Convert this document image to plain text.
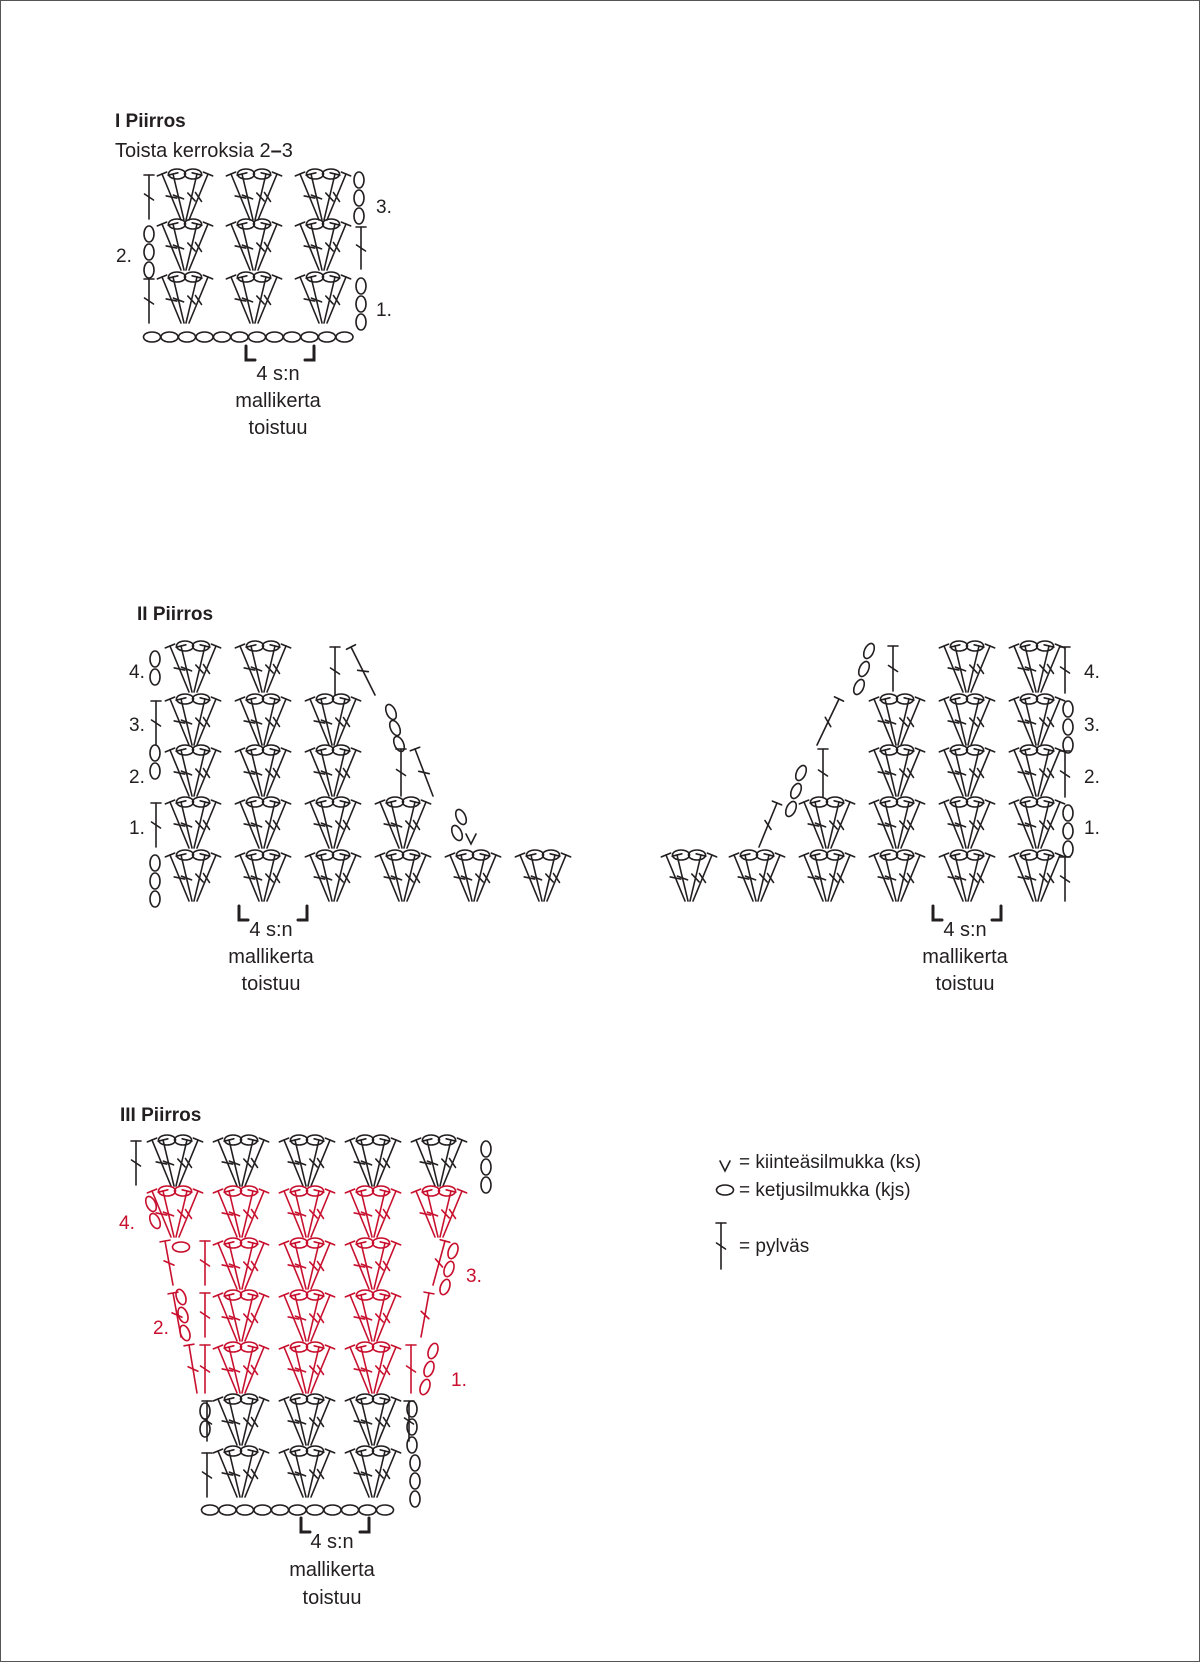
I Piirros
Toista kerroksia 2–3
3.
2.
1.
4 s:n
mallikerta
toistuu
II Piirros
4.
3.
2.
1.
4.
3.
2.
1.
4 s:n
mallikerta
toistuu
4 s:n
mallikerta
toistuu
III Piirros
4.
2.
3.
1.
4 s:n
mallikerta
toistuu
= kiinteäsilmukka (ks)
= ketjusilmukka (kjs)
= pylväs
